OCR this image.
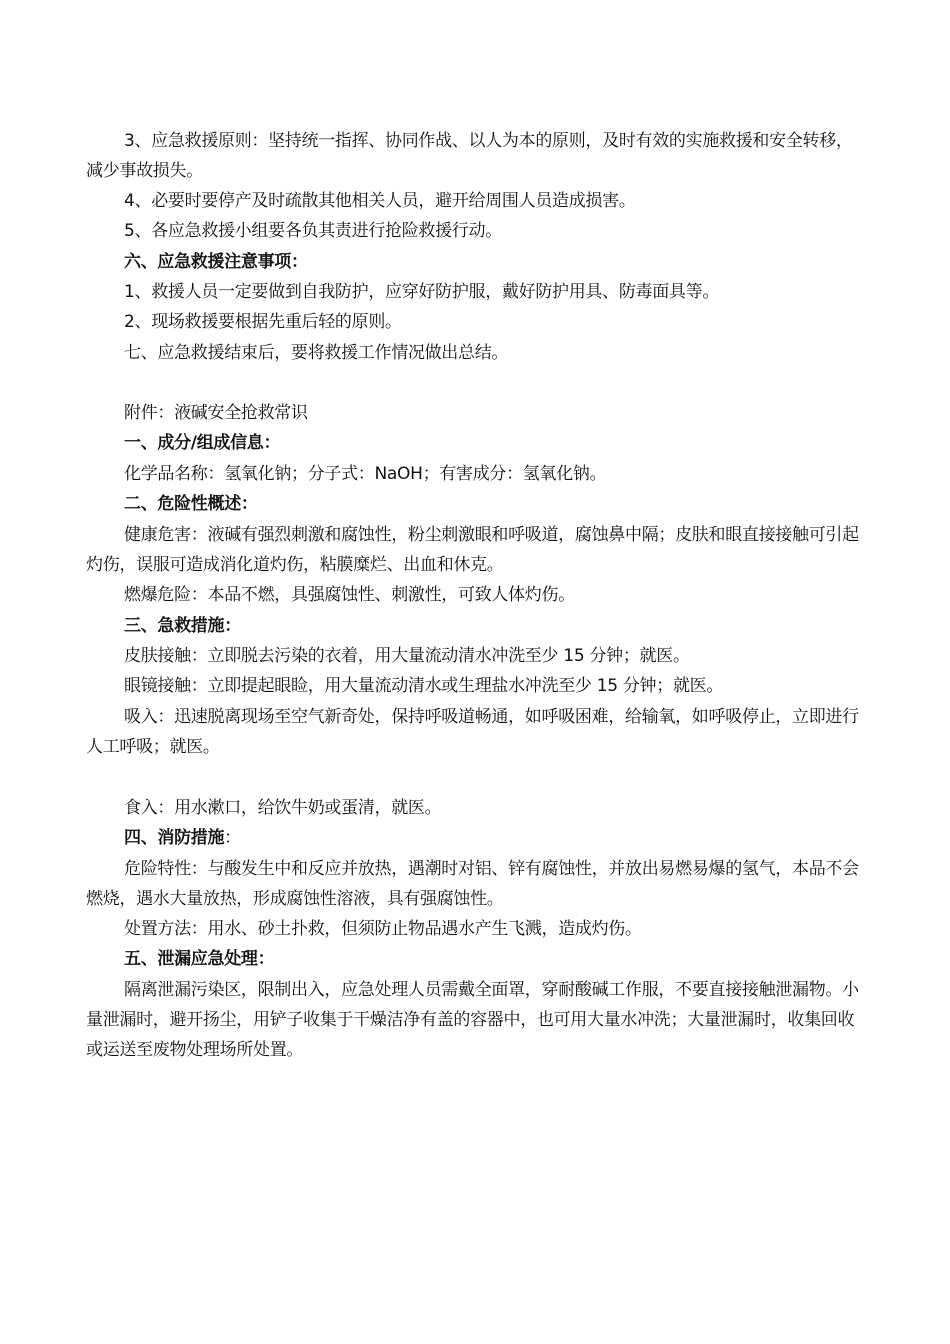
3、应急救援原则：坚持统一指挥、协同作战、以人为本的原则，及时有效的实施救援和安全转移，减少事故损失。
4、必要时要停产及时疏散其他相关人员，避开给周围人员造成损害。
5、各应急救援小组要各负其责进行抢险救援行动。
六、应急救援注意事项：
1、救援人员一定要做到自我防护，应穿好防护服，戴好防护用具、防毒面具等。
2、现场救援要根据先重后轻的原则。
七、应急救援结束后，要将救援工作情况做出总结。
附件：液碱安全抢救常识
一、成分/组成信息：
化学品名称：氢氧化钠；分子式：NaOH；有害成分：氢氧化钠。
二、危险性概述：
健康危害：液碱有强烈刺激和腐蚀性，粉尘刺激眼和呼吸道，腐蚀鼻中隔；皮肤和眼直接接触可引起灼伤，误服可造成消化道灼伤，粘膜糜烂、出血和休克。
燃爆危险：本品不燃，具强腐蚀性、刺激性，可致人体灼伤。
三、急救措施：
皮肤接触：立即脱去污染的衣着，用大量流动清水冲洗至少 15 分钟；就医。
眼镜接触：立即提起眼睑，用大量流动清水或生理盐水冲洗至少 15 分钟；就医。
吸入：迅速脱离现场至空气新奇处，保持呼吸道畅通，如呼吸困难，给输氧，如呼吸停止，立即进行人工呼吸；就医。
食入：用水漱口，给饮牛奶或蛋清，就医。
四、消防措施：
危险特性：与酸发生中和反应并放热，遇潮时对铝、锌有腐蚀性，并放出易燃易爆的氢气，本品不会燃烧，遇水大量放热，形成腐蚀性溶液，具有强腐蚀性。
处置方法：用水、砂土扑救，但须防止物品遇水产生飞溅，造成灼伤。
五、泄漏应急处理：
隔离泄漏污染区，限制出入，应急处理人员需戴全面罩，穿耐酸碱工作服，不要直接接触泄漏物。小量泄漏时，避开扬尘，用铲子收集于干燥洁净有盖的容器中，也可用大量水冲洗；大量泄漏时，收集回收或运送至废物处理场所处置。
